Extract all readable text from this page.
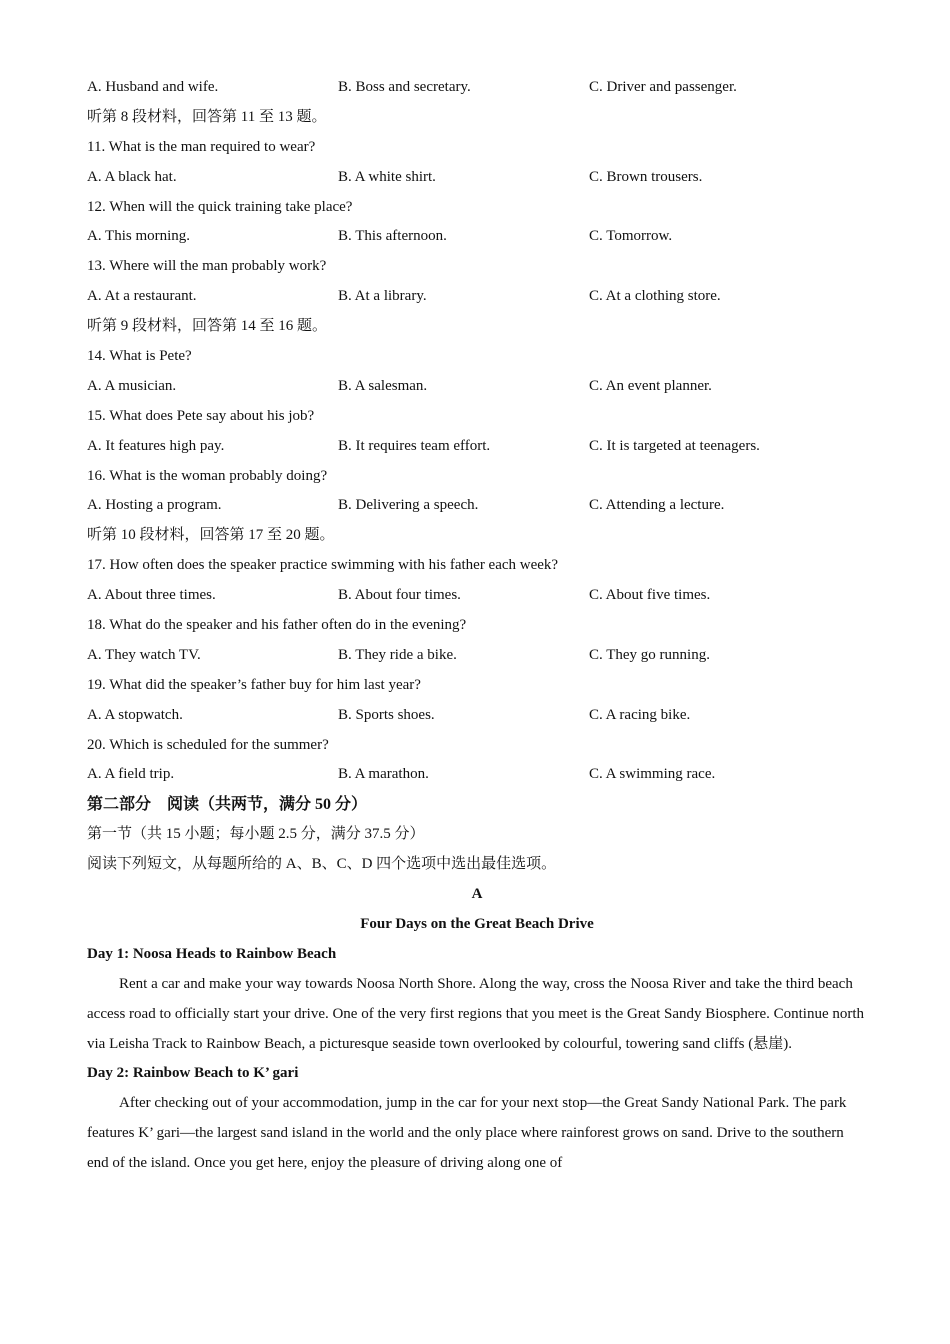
A. Husband and wife.	B. Boss and secretary.	C. Driver and passenger.
听第 8 段材料，回答第 11 至 13 题。
11. What is the man required to wear?
A. A black hat.	B. A white shirt.	C. Brown trousers.
12. When will the quick training take place?
A. This morning.	B. This afternoon.	C. Tomorrow.
13. Where will the man probably work?
A. At a restaurant.	B. At a library.	C. At a clothing store.
听第 9 段材料，回答第 14 至 16 题。
14. What is Pete?
A. A musician.	B. A salesman.	C. An event planner.
15. What does Pete say about his job?
A. It features high pay.	B. It requires team effort.	C. It is targeted at teenagers.
16. What is the woman probably doing?
A. Hosting a program.	B. Delivering a speech.	C. Attending a lecture.
听第 10 段材料，回答第 17 至 20 题。
17. How often does the speaker practice swimming with his father each week?
A. About three times.	B. About four times.	C. About five times.
18. What do the speaker and his father often do in the evening?
A. They watch TV.	B. They ride a bike.	C. They go running.
19. What did the speaker’s father buy for him last year?
A. A stopwatch.	B. Sports shoes.	C. A racing bike.
20. Which is scheduled for the summer?
A. A field trip.	B. A marathon.	C. A swimming race.
第二部分　阅读（共两节，满分 50 分）
第一节（共 15 小题；每小题 2.5 分，满分 37.5 分）
阅读下列短文，从每题所给的 A、B、C、D 四个选项中选出最佳选项。
A
Four Days on the Great Beach Drive
Day 1: Noosa Heads to Rainbow Beach

Rent a car and make your way towards Noosa North Shore. Along the way, cross the Noosa River and take the third beach access road to officially start your drive. One of the very first regions that you meet is the Great Sandy Biosphere. Continue north via Leisha Track to Rainbow Beach, a picturesque seaside town overlooked by colourful, towering sand cliffs (悬崖).

Day 2: Rainbow Beach to K’ gari

After checking out of your accommodation, jump in the car for your next stop—the Great Sandy National Park. The park features K’ gari—the largest sand island in the world and the only place where rainforest grows on sand. Drive to the southern end of the island. Once you get here, enjoy the pleasure of driving along one of
